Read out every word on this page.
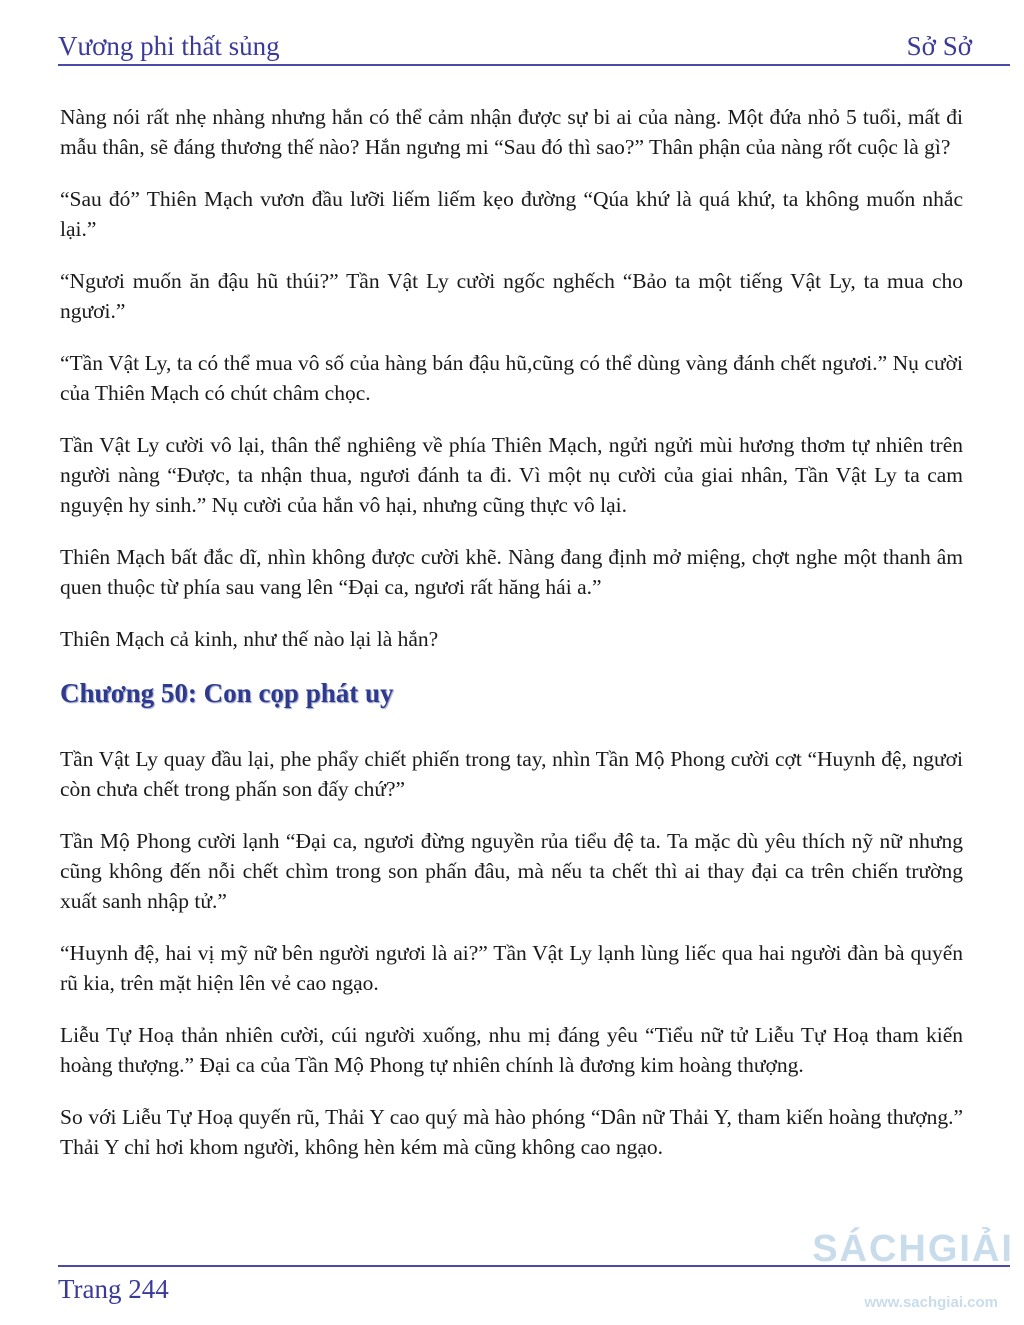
Vương phi thất sủng	Sở Sở

Nàng nói rất nhẹ nhàng nhưng hắn có thể cảm nhận được sự bi ai của nàng. Một đứa nhỏ 5 tuổi, mất đi mẫu thân, sẽ đáng thương thế nào? Hắn ngưng mi “Sau đó thì sao?” Thân phận của nàng rốt cuộc là gì?

“Sau đó” Thiên Mạch vươn đầu lưỡi liếm liếm kẹo đường “Qúa khứ là quá khứ, ta không muốn nhắc lại.”

“Ngươi muốn ăn đậu hũ thúi?” Tần Vật Ly cười ngốc nghếch “Bảo ta một tiếng Vật Ly, ta mua cho ngươi.”

“Tần Vật Ly, ta có thể mua vô số của hàng bán đậu hũ,cũng có thể dùng vàng đánh chết ngươi.” Nụ cười của Thiên Mạch có chút châm chọc.

Tần Vật Ly cười vô lại, thân thể nghiêng về phía Thiên Mạch, ngửi ngửi mùi hương thơm tự nhiên trên người nàng “Được, ta nhận thua, ngươi đánh ta đi. Vì một nụ cười của giai nhân, Tần Vật Ly ta cam nguyện hy sinh.” Nụ cười của hắn vô hại, nhưng cũng thực vô lại.

Thiên Mạch bất đắc dĩ, nhìn không được cười khẽ. Nàng đang định mở miệng, chợt nghe một thanh âm quen thuộc từ phía sau vang lên “Đại ca, ngươi rất hăng hái a.”

Thiên Mạch cả kinh, như thế nào lại là hắn?

Chương 50: Con cọp phát uy

Tần Vật Ly quay đầu lại, phe phẩy chiết phiến trong tay, nhìn Tần Mộ Phong cười cợt “Huynh đệ, ngươi còn chưa chết trong phấn son đấy chứ?”

Tần Mộ Phong cười lạnh “Đại ca, ngươi đừng nguyền rủa tiểu đệ ta. Ta mặc dù yêu thích nỹ nữ nhưng cũng không đến nỗi chết chìm trong son phấn đâu, mà nếu ta chết thì ai thay đại ca trên chiến trường xuất sanh nhập tử.”

“Huynh đệ, hai vị mỹ nữ bên người ngươi là ai?” Tần Vật Ly lạnh lùng liếc qua hai người đàn bà quyến rũ kia, trên mặt hiện lên vẻ cao ngạo.

Liễu Tự Hoạ thản nhiên cười, cúi người xuống, nhu mị đáng yêu “Tiểu nữ tử Liễu Tự Hoạ tham kiến hoàng thượng.” Đại ca của Tần Mộ Phong tự nhiên chính là đương kim hoàng thượng.

So với Liễu Tự Hoạ quyến rũ, Thải Y cao quý mà hào phóng “Dân nữ Thải Y, tham kiến hoàng thượng.” Thải Y chỉ hơi khom người, không hèn kém mà cũng không cao ngạo.

Trang 244
SÁCHGIẢI
www.sachgiai.com
